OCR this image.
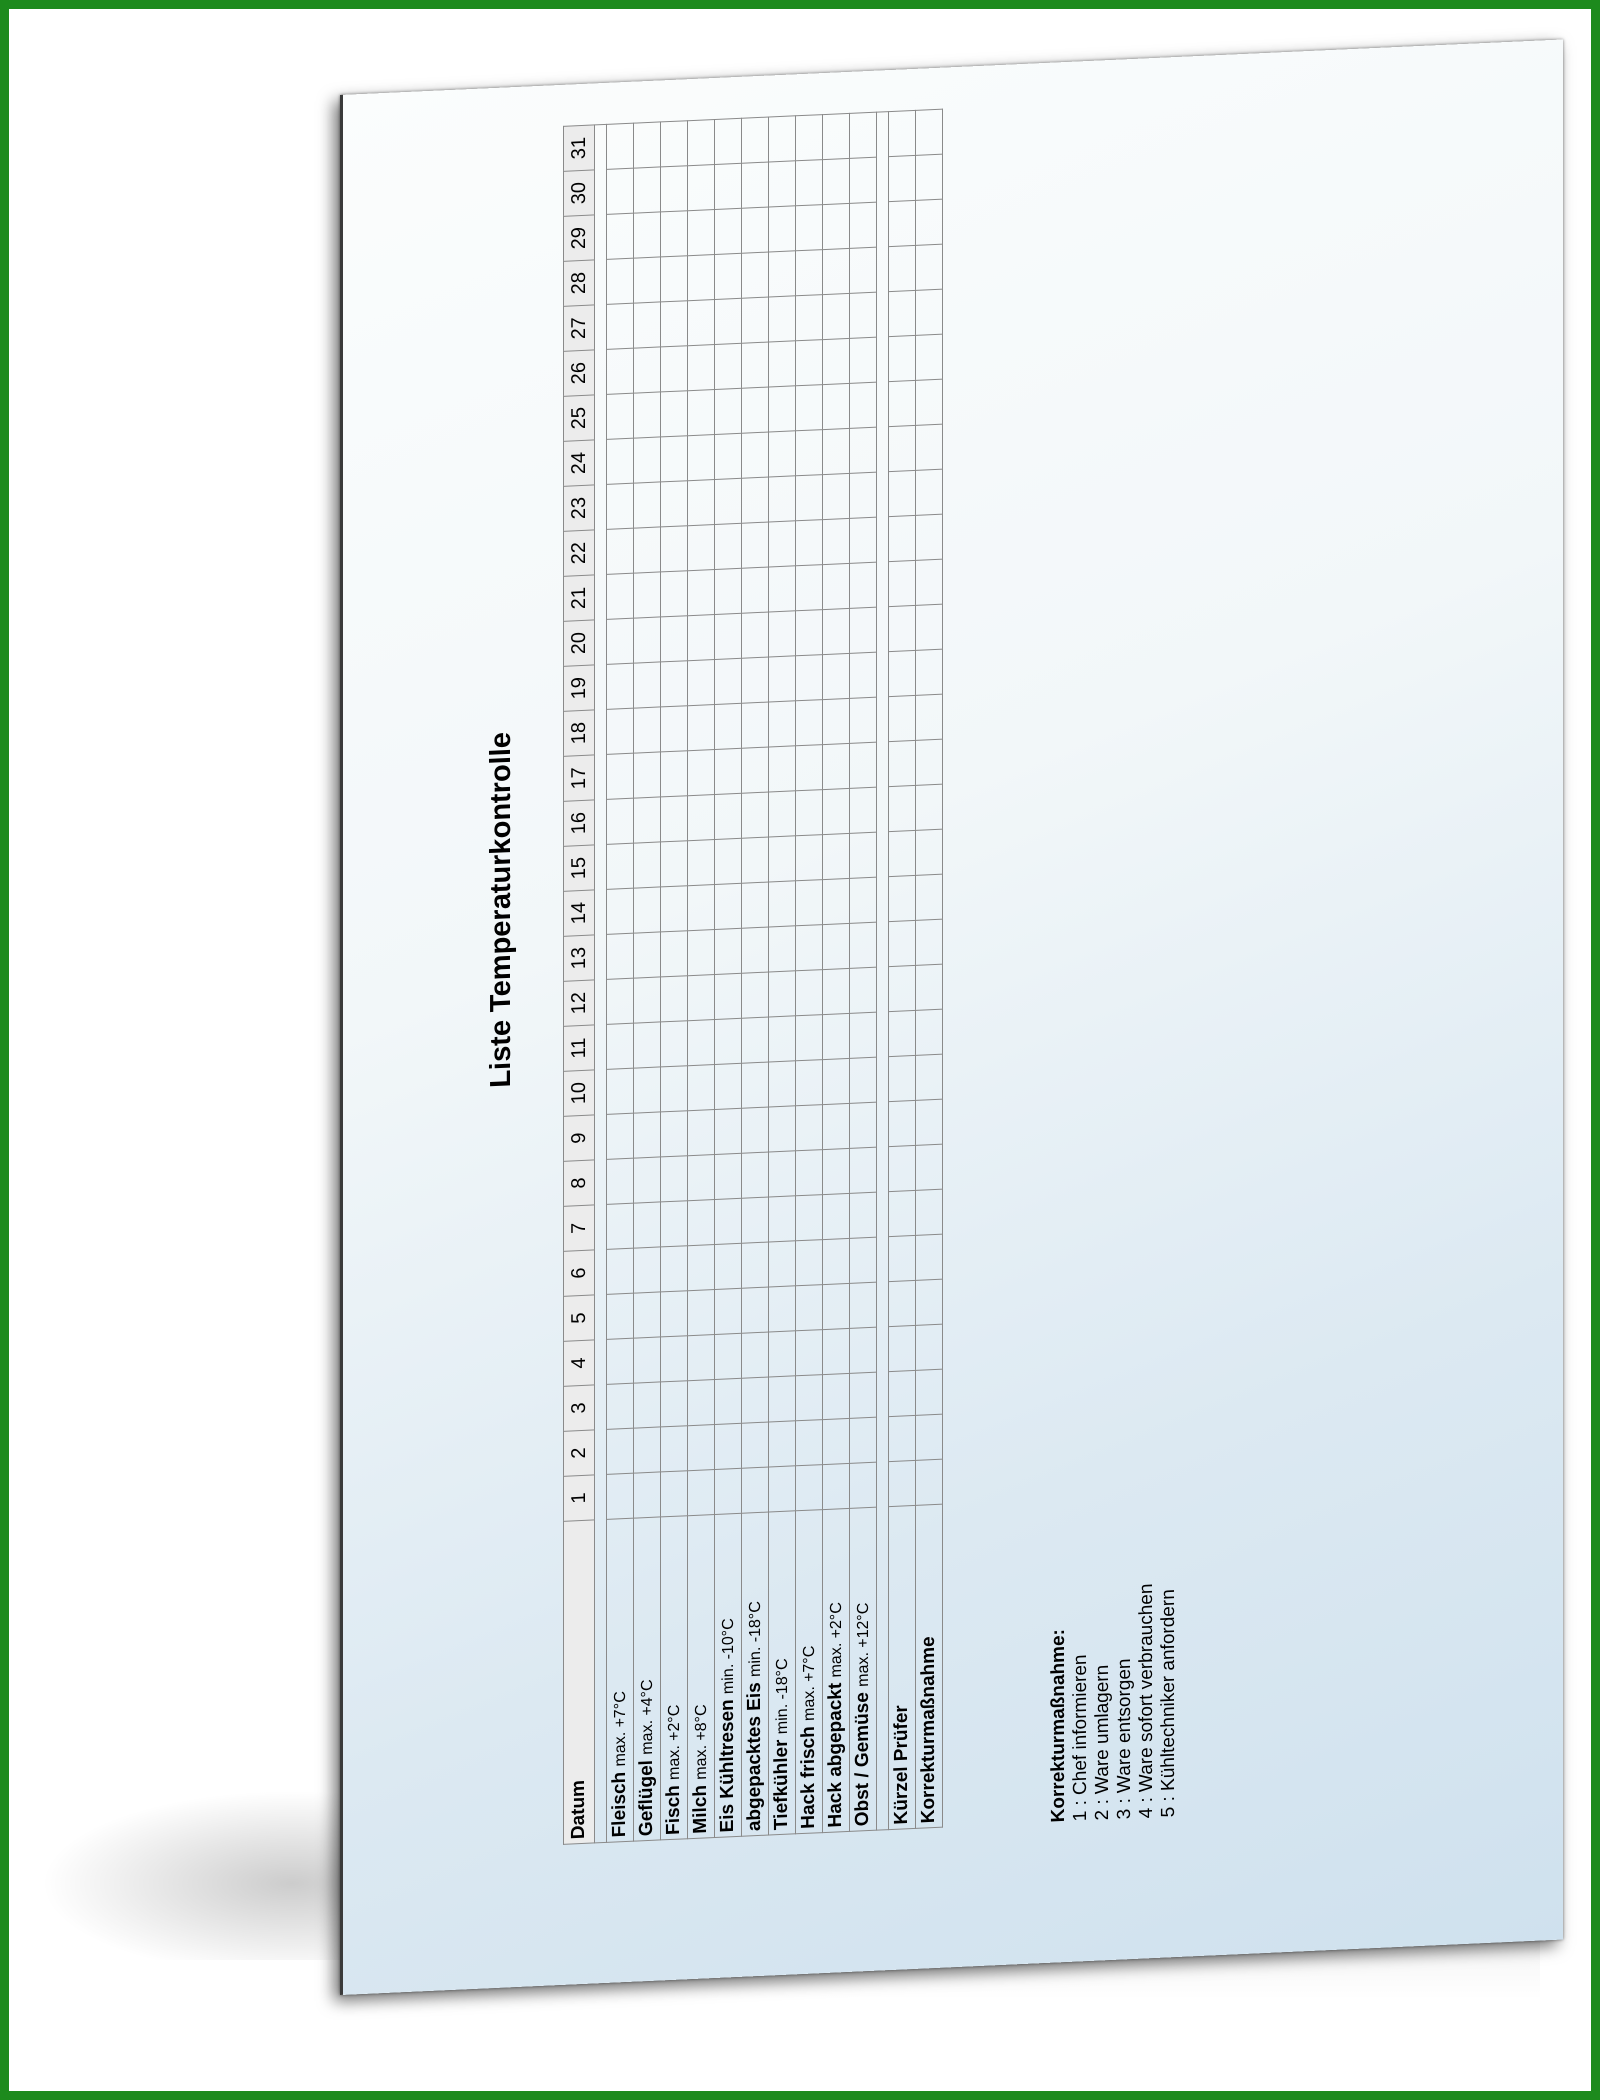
Liste Temperaturkontrolle
Datum	1	2	3	4	5	6	7	8	9	10	11	12	13	14	15	16	17	18	19	20	21	22	23	24	25	26	27	28	29	30	31

Fleisch max. +7°C																															
Geflügel max. +4°C																															
Fisch max. +2°C																															
Milch max. +8°C																															
Eis Kühltresen min. -10°C																															
abgepacktes Eis min. -18°C																															
Tiefkühler min. -18°C																															
Hack frisch max. +7°C																															
Hack abgepackt max. +2°C																															
Obst / Gemüse max. +12°C																															

Kürzel Prüfer																															
Korrekturmaßnahme																																Korrekturmaßnahme: 1 : Chef informieren 2 : Ware umlagern 3 : Ware entsorgen 4 : Ware sofort verbrauchen 5 : Kühltechniker anfordern
